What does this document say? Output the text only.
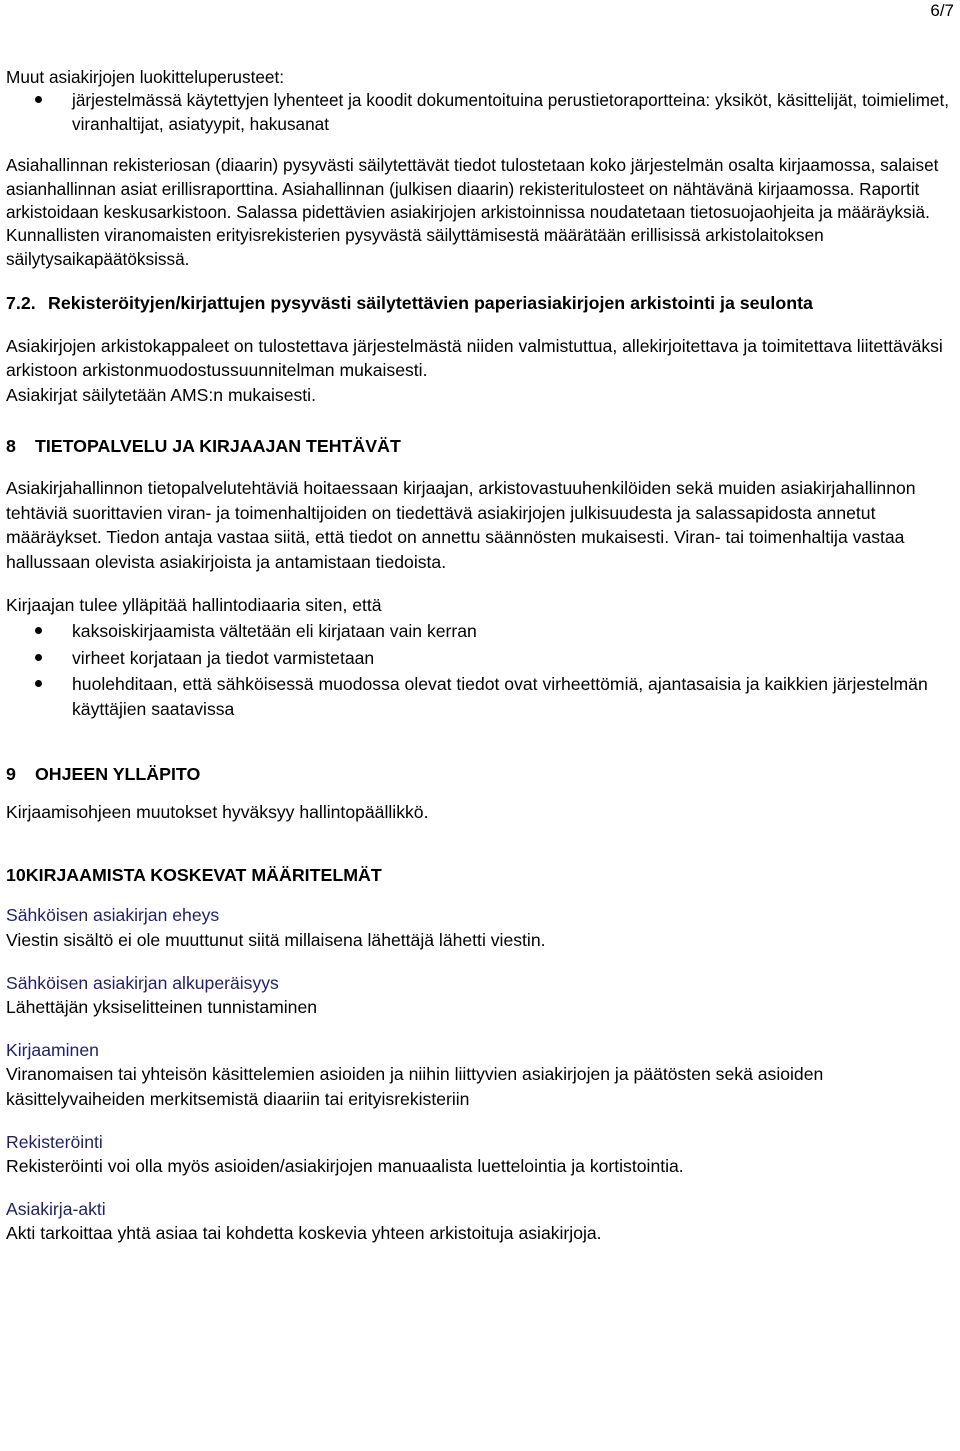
6/7

Muut asiakirjojen luokitteluperusteet:

järjestelmässä käytettyjen lyhenteet ja koodit dokumentoituina perustietoraportteina: yksiköt, käsittelijät, toimielimet, viranhaltijat, asiatyypit, hakusanat

Asiahallinnan rekisteriosan (diaarin) pysyvästi säilytettävät tiedot tulostetaan koko järjestelmän osalta kirjaamossa, salaiset asianhallinnan asiat erillisraporttina. Asiahallinnan (julkisen diaarin) rekisteritulosteet on nähtävänä kirjaamossa. Raportit arkistoidaan keskusarkistoon. Salassa pidettävien asiakirjojen arkistoinnissa noudatetaan tietosuojaohjeita ja määräyksiä. Kunnallisten viranomaisten erityisrekisterien pysyvästä säilyttämisestä määrätään erillisissä arkistolaitoksen säilytysaikapäätöksissä.

7.2. Rekisteröityjen/kirjattujen pysyvästi säilytettävien paperiasiakirjojen arkistointi ja seulonta

Asiakirjojen arkistokappaleet on tulostettava järjestelmästä niiden valmistuttua, allekirjoitettava ja toimitettava liitettäväksi arkistoon arkistonmuodostussuunnitelman mukaisesti.

Asiakirjat säilytetään AMS:n mukaisesti.

8 TIETOPALVELU JA KIRJAAJAN TEHTÄVÄT

Asiakirjahallinnon tietopalvelutehtäviä hoitaessaan kirjaajan, arkistovastuuhenkilöiden sekä muiden asiakirjahallinnon tehtäviä suorittavien viran- ja toimenhaltijoiden on tiedettävä asiakirjojen julkisuudesta ja salassapidosta annetut määräykset. Tiedon antaja vastaa siitä, että tiedot on annettu säännösten mukaisesti. Viran- tai toimenhaltija vastaa hallussaan olevista asiakirjoista ja antamistaan tiedoista.

Kirjaajan tulee ylläpitää hallintodiaaria siten, että

kaksoiskirjaamista vältetään eli kirjataan vain kerran
virheet korjataan ja tiedot varmistetaan
huolehditaan, että sähköisessä muodossa olevat tiedot ovat virheettömiä, ajantasaisia ja kaikkien järjestelmän käyttäjien saatavissa
9 OHJEEN YLLÄPITO

Kirjaamisohjeen muutokset hyväksyy hallintopäällikkö.

10KIRJAAMISTA KOSKEVAT MÄÄRITELMÄT

Sähköisen asiakirjan eheys

Viestin sisältö ei ole muuttunut siitä millaisena lähettäjä lähetti viestin.

Sähköisen asiakirjan alkuperäisyys

Lähettäjän yksiselitteinen tunnistaminen

Kirjaaminen

Viranomaisen tai yhteisön käsittelemien asioiden ja niihin liittyvien asiakirjojen ja päätösten sekä asioiden käsittelyvaiheiden merkitsemistä diaariin tai erityisrekisteriin

Rekisteröinti

Rekisteröinti voi olla myös asioiden/asiakirjojen manuaalista luettelointia ja kortistointia.

Asiakirja-akti

Akti tarkoittaa yhtä asiaa tai kohdetta koskevia yhteen arkistoituja asiakirjoja.
